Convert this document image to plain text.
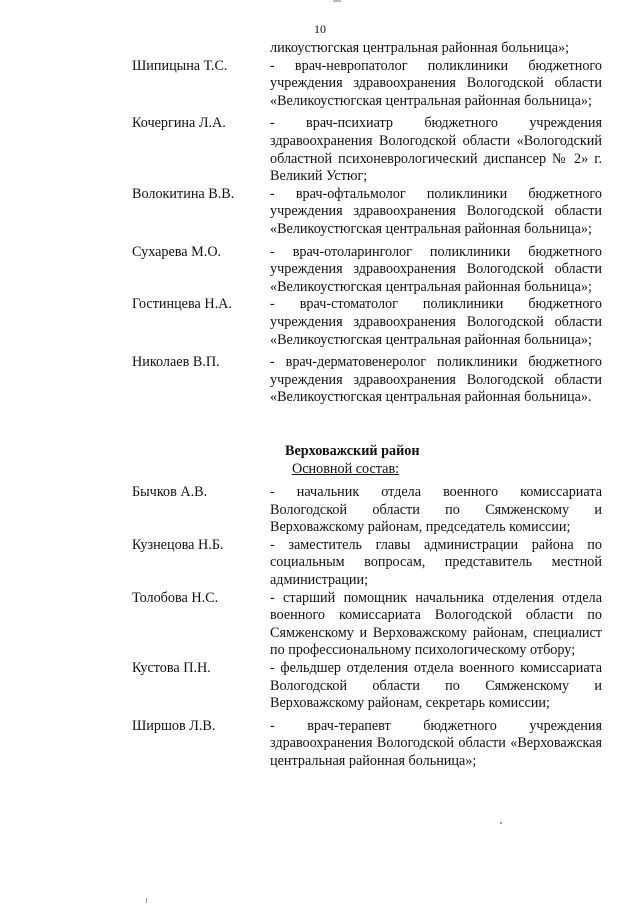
10
ликоустюгская центральная районная больница»;
Шипицына Т.С.	- врач-невропатолог поликлиники бюджетного учреждения здравоохранения Вологодской области «Великоустюгская центральная районная больница»;
Кочергина Л.А.	- врач-психиатр бюджетного учреждения здравоохранения Вологодской области «Вологодский областной психоневрологический диспансер № 2» г. Великий Устюг;
Волокитина В.В.	- врач-офтальмолог поликлиники бюджетного учреждения здравоохранения Вологодской области «Великоустюгская центральная районная больница»;
Сухарева М.О.	- врач-отоларинголог поликлиники бюджетного учреждения здравоохранения Вологодской области «Великоустюгская центральная районная больница»;
Гостинцева Н.А.	- врач-стоматолог поликлиники бюджетного учреждения здравоохранения Вологодской области «Великоустюгская центральная районная больница»;
Николаев В.П.	- врач-дерматовенеролог поликлиники бюджетного учреждения здравоохранения Вологодской области «Великоустюгская центральная районная больница».
Верховажский район
Основной состав:
Бычков А.В.	- начальник отдела военного комиссариата Вологодской области по Сямженскому и Верховажскому районам, председатель комиссии;
Кузнецова Н.Б.	- заместитель главы администрации района по социальным вопросам, представитель местной администрации;
Толобова Н.С.	- старший помощник начальника отделения отдела военного комиссариата Вологодской области по Сямженскому и Верховажскому районам, специалист по профессиональному психологическому отбору;
Кустова П.Н.	- фельдшер отделения отдела военного комиссариата Вологодской области по Сямженскому и Верховажскому районам, секретарь комиссии;
Ширшов Л.В.	- врач-терапевт бюджетного учреждения здравоохранения Вологодской области «Верховажская центральная районная больница»;
